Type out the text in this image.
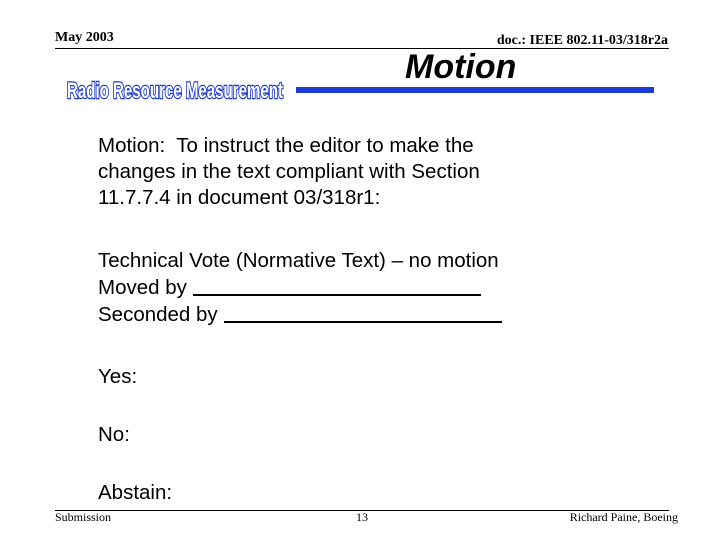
May 2003	doc.: IEEE 802.11-03/318r2a
Radio Resource Measurement
Motion
Motion:  To instruct the editor to make the
changes in the text compliant with Section
11.7.7.4 in document 03/318r1:
Technical Vote (Normative Text) – no motion
Moved by
Seconded by
Yes:
No:
Abstain:
Submission	13	Richard Paine, Boeing
